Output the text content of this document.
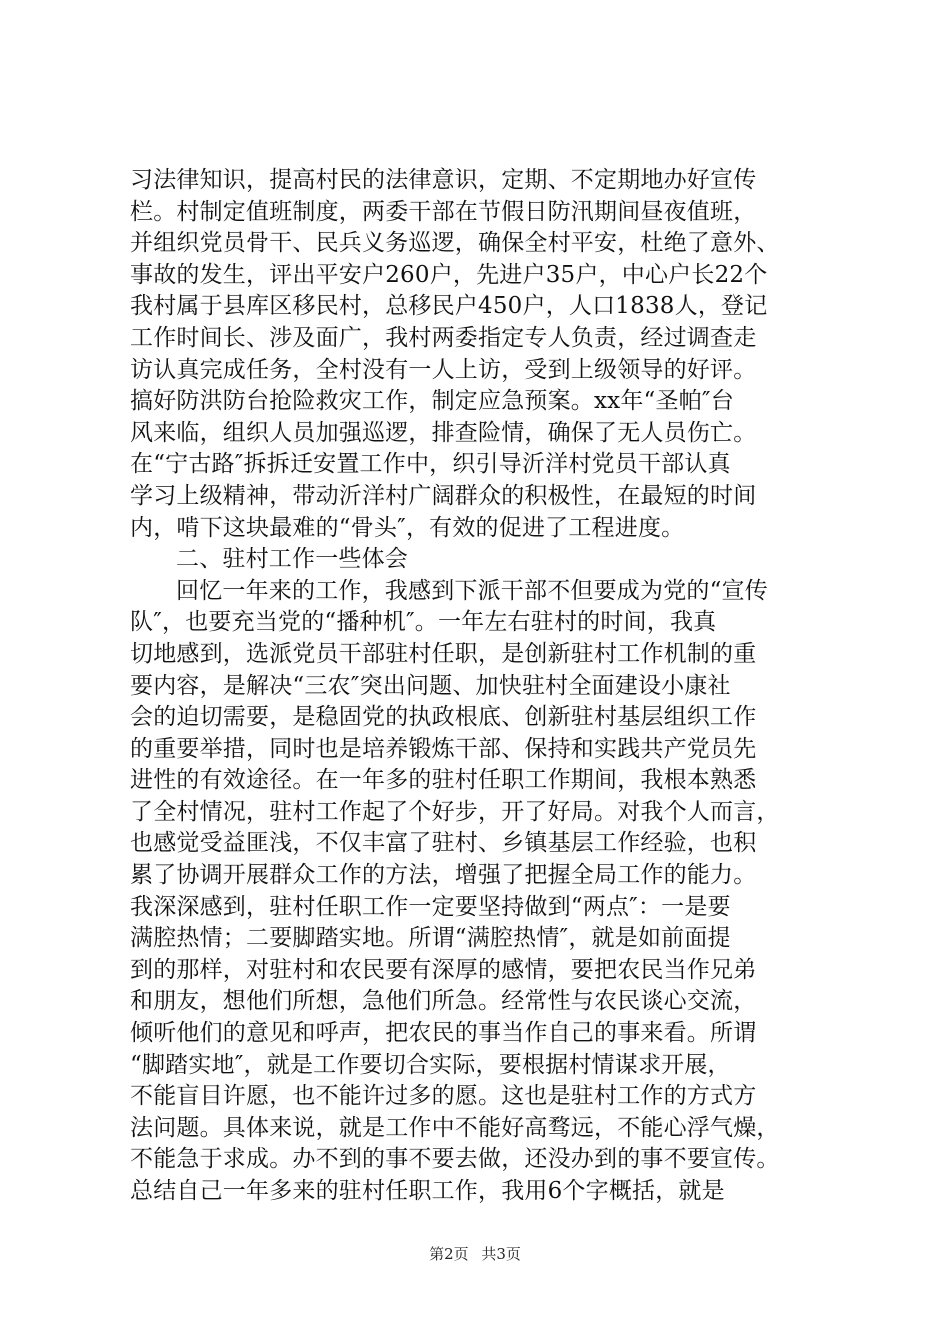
习法律知识，提高村民的法律意识，定期、不定期地办好宣传
栏。村制定值班制度，两委干部在节假日防汛期间昼夜值班，
并组织党员骨干、民兵义务巡逻，确保全村平安，杜绝了意外、
事故的发生，评出平安户260户，先进户35户，中心户长22个
我村属于县库区移民村，总移民户450户，人口1838人，登记
工作时间长、涉及面广，我村两委指定专人负责，经过调查走
访认真完成任务，全村没有一人上访，受到上级领导的好评。
搞好防洪防台抢险救灾工作，制定应急预案。xx年“圣帕″台
风来临，组织人员加强巡逻，排查险情，确保了无人员伤亡。
在“宁古路″拆拆迁安置工作中，织引导沂洋村党员干部认真
学习上级精神，带动沂洋村广阔群众的积极性，在最短的时间
内，啃下这块最难的“骨头″，有效的促进了工程进度。
二、驻村工作一些体会
回忆一年来的工作，我感到下派干部不但要成为党的“宣传
队″，也要充当党的“播种机″。一年左右驻村的时间，我真
切地感到，选派党员干部驻村任职，是创新驻村工作机制的重
要内容，是解决“三农″突出问题、加快驻村全面建设小康社
会的迫切需要，是稳固党的执政根底、创新驻村基层组织工作
的重要举措，同时也是培养锻炼干部、保持和实践共产党员先
进性的有效途径。在一年多的驻村任职工作期间，我根本熟悉
了全村情况，驻村工作起了个好步，开了好局。对我个人而言，
也感觉受益匪浅，不仅丰富了驻村、乡镇基层工作经验，也积
累了协调开展群众工作的方法，增强了把握全局工作的能力。
我深深感到，驻村任职工作一定要坚持做到“两点″：一是要
满腔热情；二要脚踏实地。所谓“满腔热情″，就是如前面提
到的那样，对驻村和农民要有深厚的感情，要把农民当作兄弟
和朋友，想他们所想，急他们所急。经常性与农民谈心交流，
倾听他们的意见和呼声，把农民的事当作自己的事来看。所谓
“脚踏实地″，就是工作要切合实际，要根据村情谋求开展，
不能盲目许愿，也不能许过多的愿。这也是驻村工作的方式方
法问题。具体来说，就是工作中不能好高骛远，不能心浮气燥，
不能急于求成。办不到的事不要去做，还没办到的事不要宣传。
总结自己一年多来的驻村任职工作，我用6个字概括，就是
第2页 共3页
